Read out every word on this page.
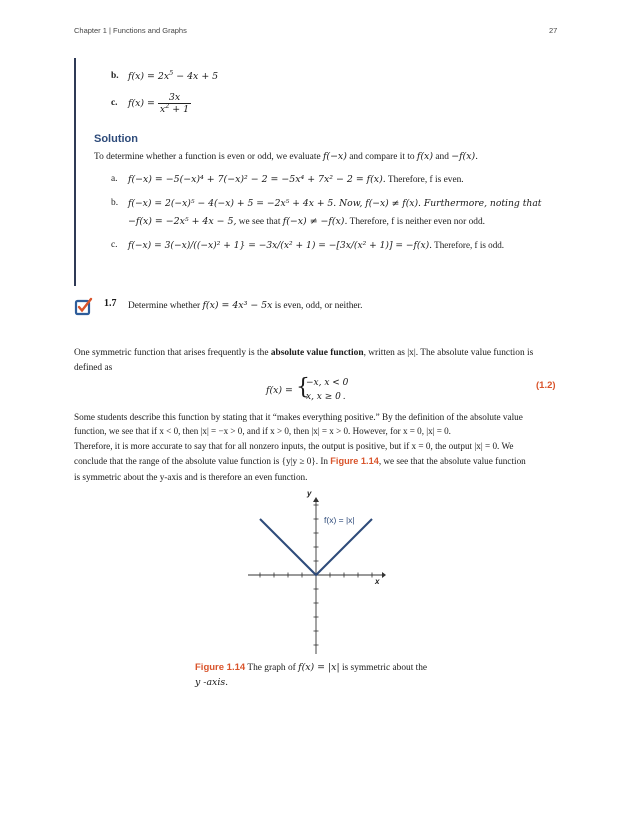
Chapter 1 | Functions and Graphs	27
b. $f(x) = 2x^5 - 4x + 5$
c. $f(x) = \frac{3x}{x^2 + 1}$
Solution
To determine whether a function is even or odd, we evaluate f(−x) and compare it to f(x) and −f(x).
a. f(−x) = −5(−x)⁴ + 7(−x)² − 2 = −5x⁴ + 7x² − 2 = f(x). Therefore, f is even.
b. f(−x) = 2(−x)⁵ − 4(−x) + 5 = −2x⁵ + 4x + 5. Now, f(−x) ≠ f(x). Furthermore, noting that
−f(x) = −2x⁵ + 4x − 5, we see that f(−x) ≠ −f(x). Therefore, f is neither even nor odd.
c. f(−x) = 3(−x)/((−x)² + 1} = −3x/(x² + 1) = −[3x/(x² + 1)] = −f(x). Therefore, f is odd.
1.7 Determine whether f(x) = 4x³ − 5x is even, odd, or neither.
One symmetric function that arises frequently is the absolute value function, written as |x|. The absolute value function is
defined as
f(x) = {
−x, x < 0
x, x ≥ 0 .
(1.2)
Some students describe this function by stating that it “makes everything positive.” By the definition of the absolute value
function, we see that if x < 0, then |x| = −x > 0, and if x > 0, then |x| = x > 0. However, for x = 0, |x| = 0.
Therefore, it is more accurate to say that for all nonzero inputs, the output is positive, but if x = 0, the output |x| = 0. We
conclude that the range of the absolute value function is {y|y ≥ 0}. In Figure 1.14, we see that the absolute value function
is symmetric about the y-axis and is therefore an even function.
f(x) = |x|
x
y
Figure 1.14 The graph of f(x) = |x| is symmetric about the
y -axis.
